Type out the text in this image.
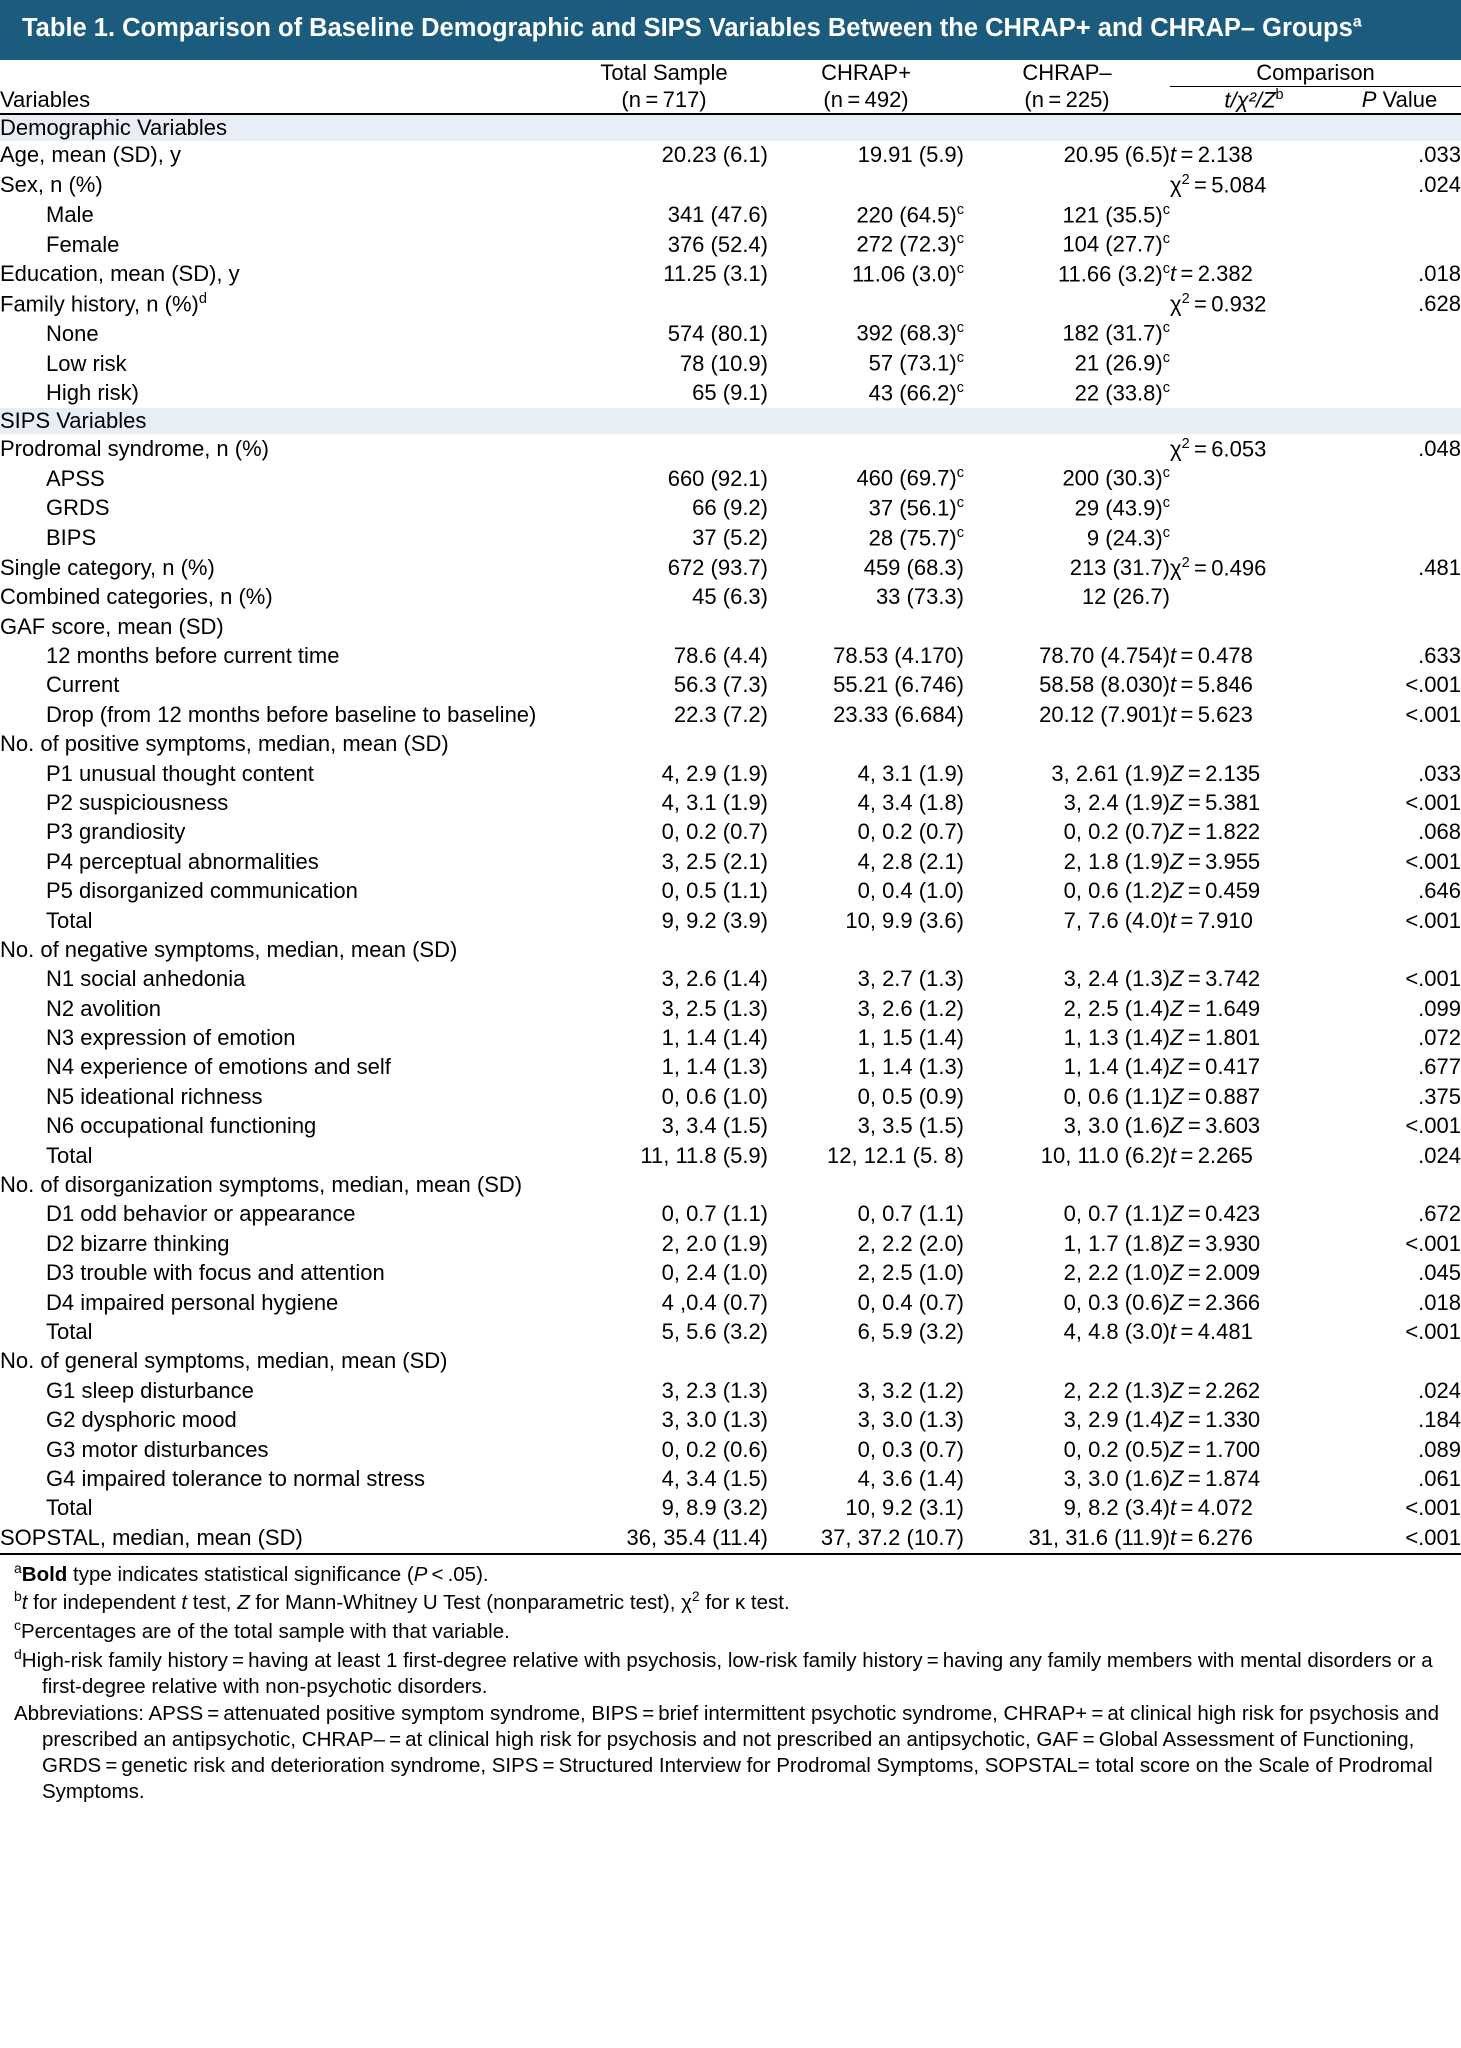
Table 1. Comparison of Baseline Demographic and SIPS Variables Between the CHRAP+ and CHRAP– Groups$^a$
	Total Sample	CHRAP+	CHRAP–	Comparison	
Variables	(n = 717)	(n = 492)	(n = 225)	$t/\chi^2/Z^b$	P Value
Demographic Variables					
Age, mean (SD), y	20.23 (6.1)	19.91 (5.9)	20.95 (6.5)	t = 2.138	.033
Sex, n (%)				$\chi^2 = 5.084$	.024
Male	341 (47.6)	220 $(64.5)^c$	121 $(35.5)^c$		
Female	376 (52.4)	272 $(72.3)^c$	104 $(27.7)^c$		
Education, mean (SD), y	11.25 (3.1)	11.06 $(3.0)^c$	11.66 $(3.2)^c$	t = 2.382	.018
Family history, n (%)$^d$				$\chi^2 = 0.932$	.628
None	574 (80.1)	392 $(68.3)^c$	182 $(31.7)^c$		
Low risk	78 (10.9)	57 $(73.1)^c$	21 $(26.9)^c$		
High risk)	65 (9.1)	43 $(66.2)^c$	22 $(33.8)^c$		
SIPS Variables					
Prodromal syndrome, n (%)				$\chi^2 = 6.053$	.048
APSS	660 (92.1)	460 $(69.7)^c$	200 $(30.3)^c$		
GRDS	66 (9.2)	37 $(56.1)^c$	29 $(43.9)^c$		
BIPS	37 (5.2)	28 $(75.7)^c$	9 $(24.3)^c$		
Single category, n (%)	672 (93.7)	459 (68.3)	213 (31.7)	$\chi^2 = 0.496$	.481
Combined categories, n (%)	45 (6.3)	33 (73.3)	12 (26.7)		
GAF score, mean (SD)					
12 months before current time	78.6 (4.4)	78.53 (4.170)	78.70 (4.754)	t = 0.478	.633
Current	56.3 (7.3)	55.21 (6.746)	58.58 (8.030)	t = 5.846	<.001
Drop (from 12 months before baseline to baseline)	22.3 (7.2)	23.33 (6.684)	20.12 (7.901)	t = 5.623	<.001
No. of positive symptoms, median, mean (SD)					
P1 unusual thought content	4, 2.9 (1.9)	4, 3.1 (1.9)	3, 2.61 (1.9)	Z = 2.135	.033
P2 suspiciousness	4, 3.1 (1.9)	4, 3.4 (1.8)	3, 2.4 (1.9)	Z = 5.381	<.001
P3 grandiosity	0, 0.2 (0.7)	0, 0.2 (0.7)	0, 0.2 (0.7)	Z = 1.822	.068
P4 perceptual abnormalities	3, 2.5 (2.1)	4, 2.8 (2.1)	2, 1.8 (1.9)	Z = 3.955	<.001
P5 disorganized communication	0, 0.5 (1.1)	0, 0.4 (1.0)	0, 0.6 (1.2)	Z = 0.459	.646
Total	9, 9.2 (3.9)	10, 9.9 (3.6)	7, 7.6 (4.0)	t = 7.910	<.001
No. of negative symptoms, median, mean (SD)					
N1 social anhedonia	3, 2.6 (1.4)	3, 2.7 (1.3)	3, 2.4 (1.3)	Z = 3.742	<.001
N2 avolition	3, 2.5 (1.3)	3, 2.6 (1.2)	2, 2.5 (1.4)	Z = 1.649	.099
N3 expression of emotion	1, 1.4 (1.4)	1, 1.5 (1.4)	1, 1.3 (1.4)	Z = 1.801	.072
N4 experience of emotions and self	1, 1.4 (1.3)	1, 1.4 (1.3)	1, 1.4 (1.4)	Z = 0.417	.677
N5 ideational richness	0, 0.6 (1.0)	0, 0.5 (0.9)	0, 0.6 (1.1)	Z = 0.887	.375
N6 occupational functioning	3, 3.4 (1.5)	3, 3.5 (1.5)	3, 3.0 (1.6)	Z = 3.603	<.001
Total	11, 11.8 (5.9)	12, 12.1 (5. 8)	10, 11.0 (6.2)	t = 2.265	.024
No. of disorganization symptoms, median, mean (SD)					
D1 odd behavior or appearance	0, 0.7 (1.1)	0, 0.7 (1.1)	0, 0.7 (1.1)	Z = 0.423	.672
D2 bizarre thinking	2, 2.0 (1.9)	2, 2.2 (2.0)	1, 1.7 (1.8)	Z = 3.930	<.001
D3 trouble with focus and attention	0, 2.4 (1.0)	2, 2.5 (1.0)	2, 2.2 (1.0)	Z = 2.009	.045
D4 impaired personal hygiene	4 ,0.4 (0.7)	0, 0.4 (0.7)	0, 0.3 (0.6)	Z = 2.366	.018
Total	5, 5.6 (3.2)	6, 5.9 (3.2)	4, 4.8 (3.0)	t = 4.481	<.001
No. of general symptoms, median, mean (SD)					
G1 sleep disturbance	3, 2.3 (1.3)	3, 3.2 (1.2)	2, 2.2 (1.3)	Z = 2.262	.024
G2 dysphoric mood	3, 3.0 (1.3)	3, 3.0 (1.3)	3, 2.9 (1.4)	Z = 1.330	.184
G3 motor disturbances	0, 0.2 (0.6)	0, 0.3 (0.7)	0, 0.2 (0.5)	Z = 1.700	.089
G4 impaired tolerance to normal stress	4, 3.4 (1.5)	4, 3.6 (1.4)	3, 3.0 (1.6)	Z = 1.874	.061
Total	9, 8.9 (3.2)	10, 9.2 (3.1)	9, 8.2 (3.4)	t = 4.072	<.001
SOPSTAL, median, mean (SD)	36, 35.4 (11.4)	37, 37.2 (10.7)	31, 31.6 (11.9)	t = 6.276	<.001

$^a$Bold type indicates statistical significance (P < .05).

$^b$t for independent t test, Z for Mann-Whitney U Test (nonparametric test), $\chi^2$ for κ test.

$^c$Percentages are of the total sample with that variable.

$^d$High-risk family history = having at least 1 first-degree relative with psychosis, low-risk family history = having any family members with mental disorders or a first-degree relative with non-psychotic disorders.

Abbreviations: APSS = attenuated positive symptom syndrome, BIPS = brief intermittent psychotic syndrome, CHRAP+ = at clinical high risk for psychosis and prescribed an antipsychotic, CHRAP– = at clinical high risk for psychosis and not prescribed an antipsychotic, GAF = Global Assessment of Functioning, GRDS = genetic risk and deterioration syndrome, SIPS = Structured Interview for Prodromal Symptoms, SOPSTAL= total score on the Scale of Prodromal Symptoms.
